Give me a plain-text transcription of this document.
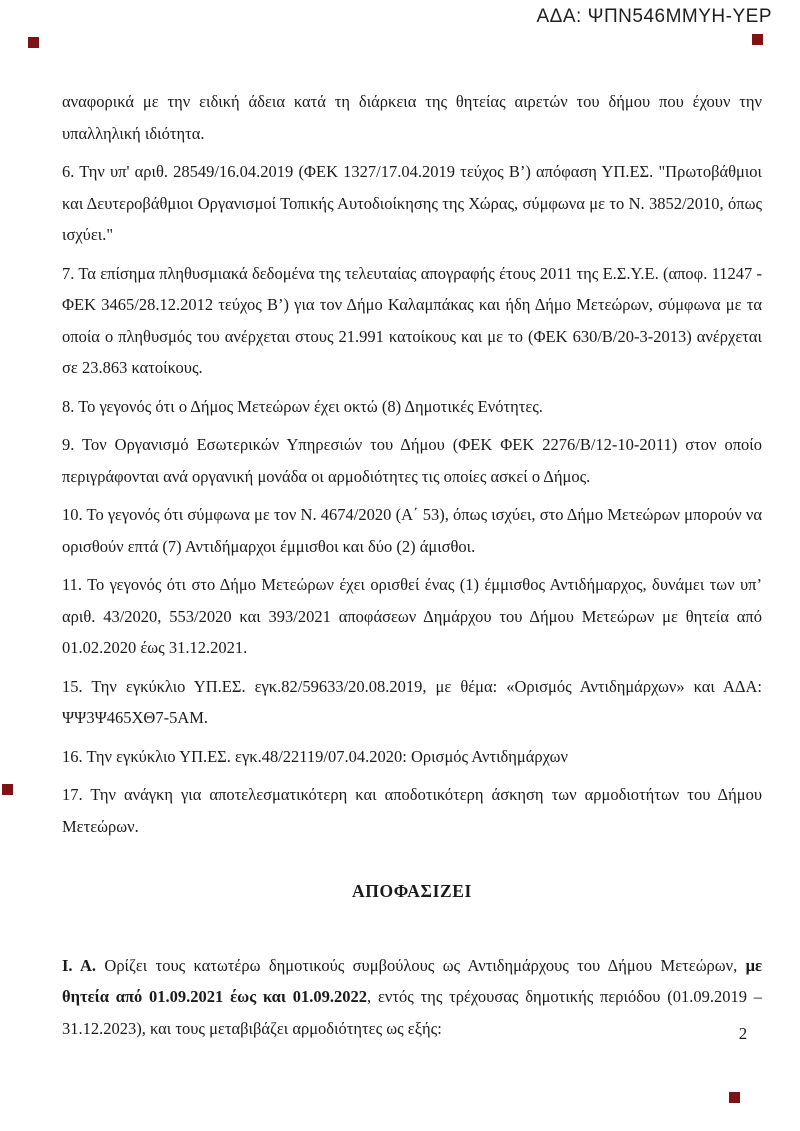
ΑΔΑ: ΨΠΝ546ΜΜΥΗ-ΥΕΡ

αναφορικά με την ειδική άδεια κατά τη διάρκεια της θητείας αιρετών του δήμου που έχουν την υπαλληλική ιδιότητα.

6. Την υπ' αριθ. 28549/16.04.2019 (ΦΕΚ 1327/17.04.2019 τεύχος Β’) απόφαση ΥΠ.ΕΣ. "Πρωτοβάθμιοι και Δευτεροβάθμιοι Οργανισμοί Τοπικής Αυτοδιοίκησης της Χώρας, σύμφωνα με το Ν. 3852/2010, όπως ισχύει."

7. Τα επίσημα πληθυσμιακά δεδομένα της τελευταίας απογραφής έτους 2011 της Ε.Σ.Υ.Ε. (αποφ. 11247 - ΦΕΚ 3465/28.12.2012 τεύχος Β’) για τον Δήμο Καλαμπάκας και ήδη Δήμο Μετεώρων, σύμφωνα με τα οποία ο πληθυσμός του ανέρχεται στους 21.991 κατοίκους και με το (ΦΕΚ 630/Β/20-3-2013) ανέρχεται σε 23.863 κατοίκους.

8. Το γεγονός ότι ο Δήμος Μετεώρων έχει οκτώ (8) Δημοτικές Ενότητες.

9. Τον Οργανισμό Εσωτερικών Υπηρεσιών του Δήμου (ΦΕΚ ΦΕΚ 2276/Β/12-10-2011) στον οποίο περιγράφονται ανά οργανική μονάδα οι αρμοδιότητες τις οποίες ασκεί ο Δήμος.

10. Το γεγονός ότι σύμφωνα με τον Ν. 4674/2020 (Α΄ 53), όπως ισχύει, στο Δήμο Μετεώρων μπορούν να ορισθούν επτά (7) Αντιδήμαρχοι έμμισθοι και δύο (2) άμισθοι.

11. Το γεγονός ότι στο Δήμο Μετεώρων έχει ορισθεί ένας (1) έμμισθος Αντιδήμαρχος, δυνάμει των υπ’ αριθ. 43/2020, 553/2020 και 393/2021 αποφάσεων Δημάρχου του Δήμου Μετεώρων με θητεία από 01.02.2020 έως 31.12.2021.

15. Την εγκύκλιο ΥΠ.ΕΣ. εγκ.82/59633/20.08.2019, με θέμα: «Ορισμός Αντιδημάρχων» και ΑΔΑ: ΨΨ3Ψ465ΧΘ7-5ΑΜ.

16. Την εγκύκλιο ΥΠ.ΕΣ. εγκ.48/22119/07.04.2020: Ορισμός Αντιδημάρχων

17. Την ανάγκη για αποτελεσματικότερη και αποδοτικότερη άσκηση των αρμοδιοτήτων του Δήμου Μετεώρων.

ΑΠΟΦΑΣΙΖΕΙ

Ι. Α. Ορίζει τους κατωτέρω δημοτικούς συμβούλους ως Αντιδημάρχους του Δήμου Μετεώρων, με θητεία από 01.09.2021 έως και 01.09.2022, εντός της τρέχουσας δημοτικής περιόδου (01.09.2019 – 31.12.2023), και τους μεταβιβάζει αρμοδιότητες ως εξής:	2
